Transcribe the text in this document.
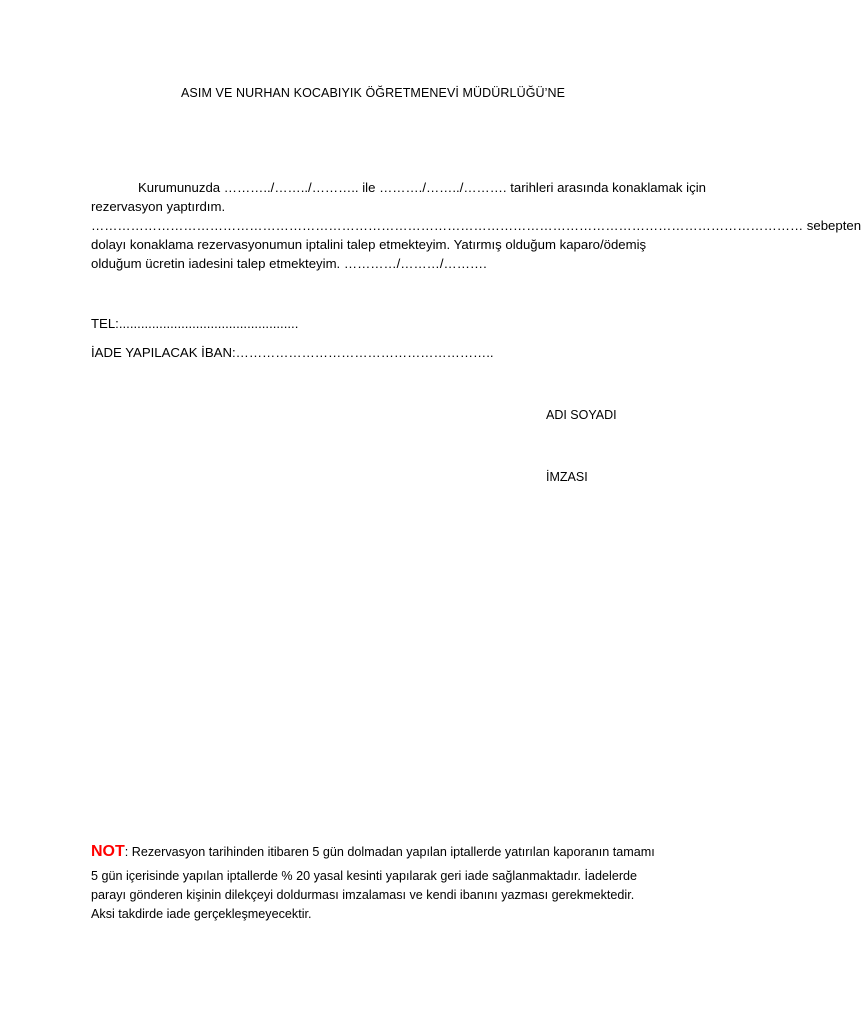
ASIM VE NURHAN KOCABIYIK ÖĞRETMENEVİ MÜDÜRLÜĞÜ’NE
Kurumunuzda ………../……../……….. ile ………./……../………. tarihleri arasında konaklamak için
rezervasyon yaptırdım.
……………………………………………………………………………………………………………………………………………… sebepten
dolayı konaklama rezervasyonumun iptalini talep etmekteyim. Yatırmış olduğum kaparo/ödemiş
olduğum ücretin iadesini talep etmekteyim. …………/………/……….
TEL:.................................................
İADE YAPILACAK İBAN:…………………………………………………..
ADI SOYADI
İMZASI
NOT: Rezervasyon tarihinden itibaren 5 gün dolmadan yapılan iptallerde yatırılan kaporanın tamamı
5 gün içerisinde yapılan iptallerde % 20 yasal kesinti yapılarak geri iade sağlanmaktadır. İadelerde
parayı gönderen kişinin dilekçeyi doldurması imzalaması ve kendi ibanını yazması gerekmektedir.
Aksi takdirde iade gerçekleşmeyecektir.
